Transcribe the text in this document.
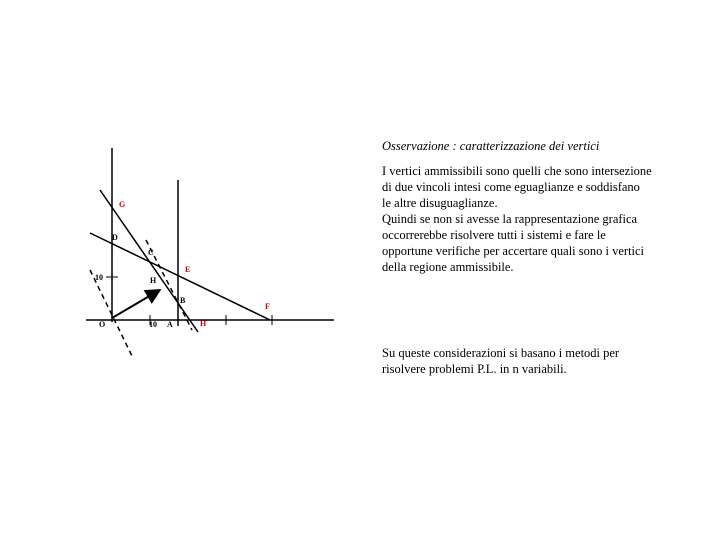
G
D
C
H
E
B
F
O	A	H
10
10
Osservazione : caratterizzazione dei vertici
I vertici ammissibili sono quelli che sono intersezione di due vincoli intesi come eguaglianze e soddisfano le altre disuguaglianze.
Quindi se non si avesse la rappresentazione grafica occorrerebbe risolvere tutti i sistemi e fare le opportune verifiche per accertare quali sono i vertici della regione ammissibile.
Su queste considerazioni si basano i metodi per risolvere problemi P.L. in n variabili.
